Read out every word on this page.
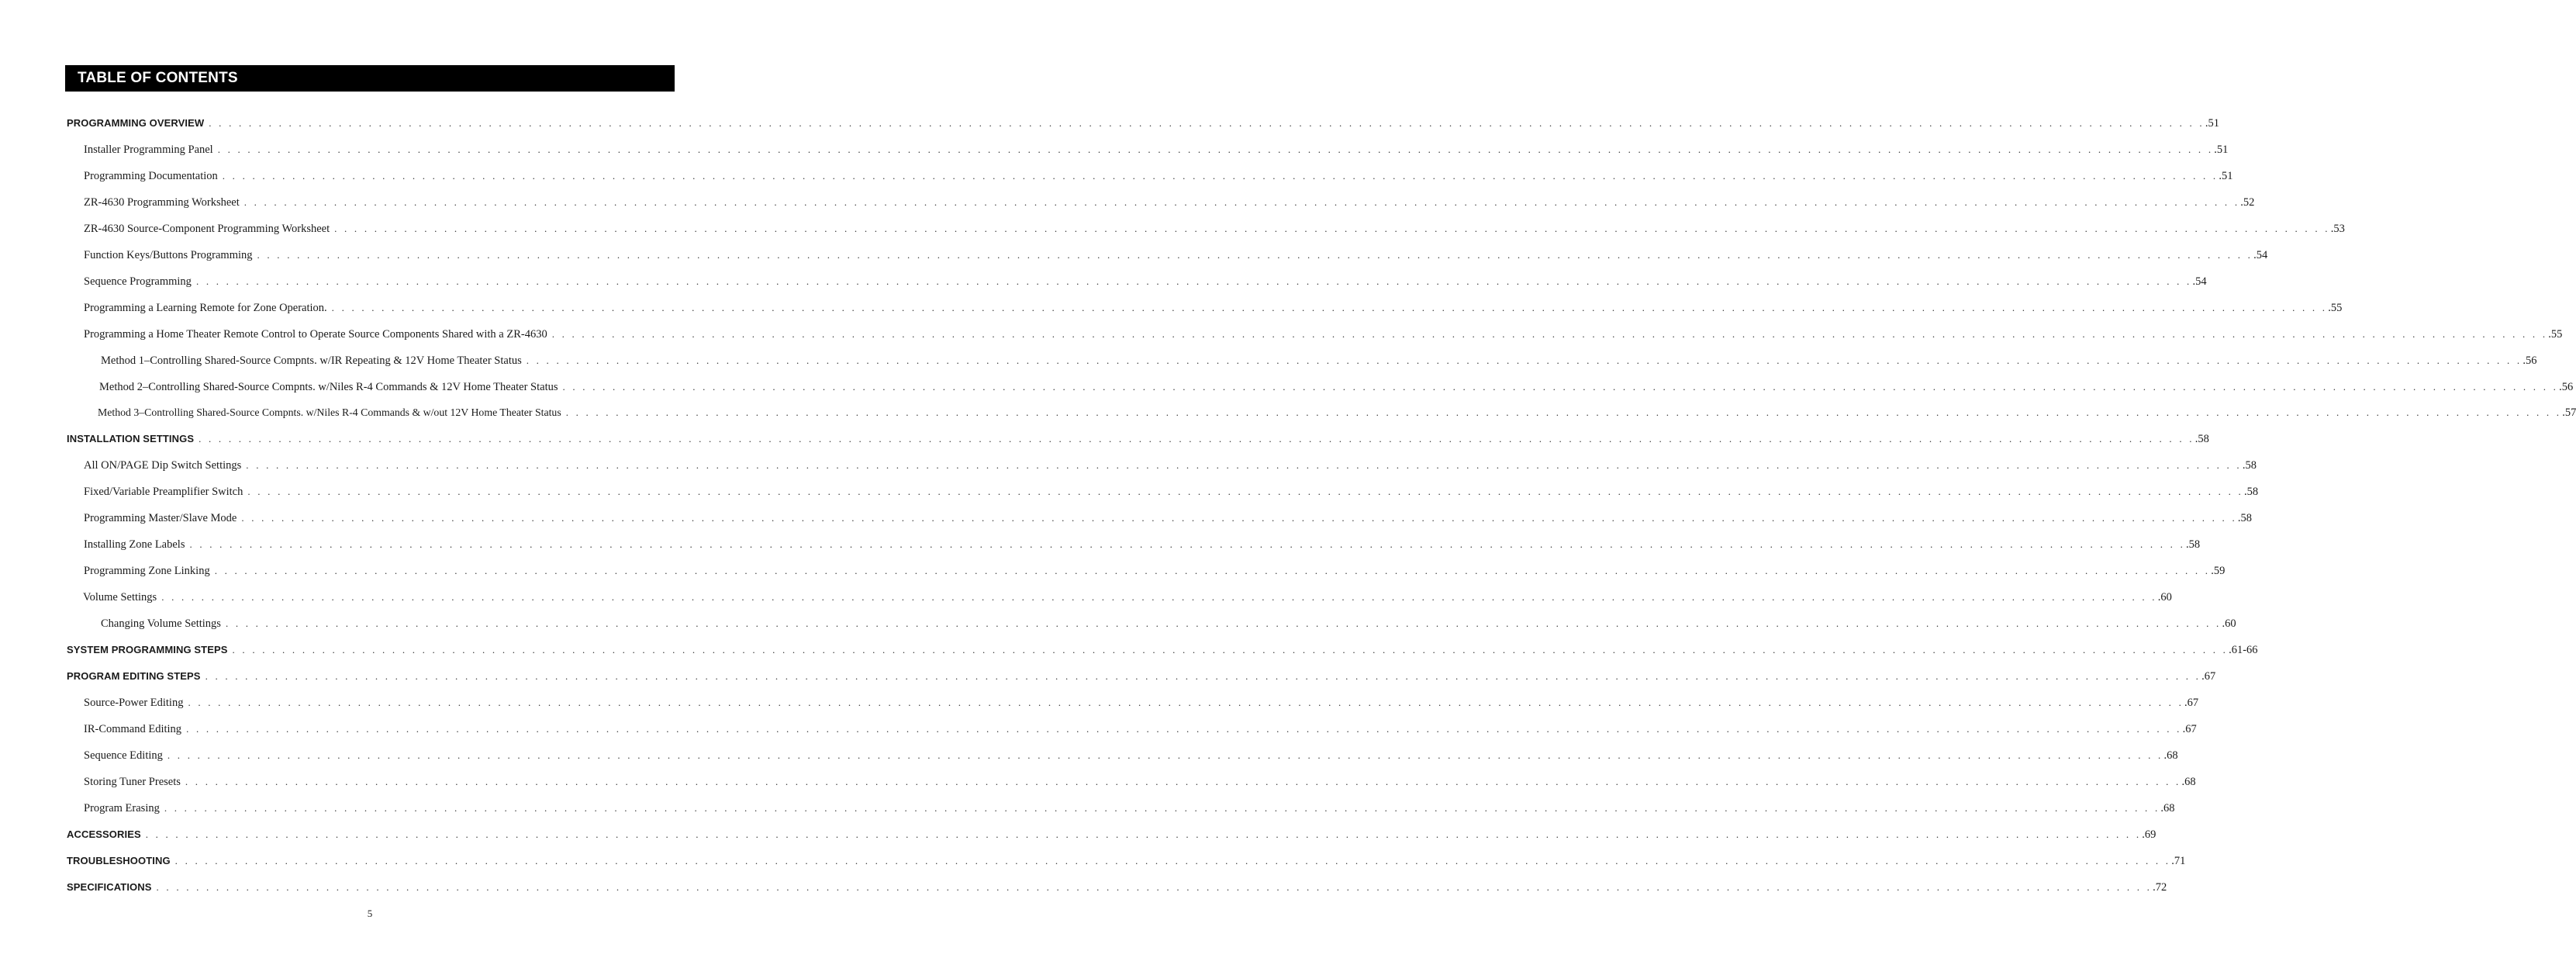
TABLE OF CONTENTS
PROGRAMMING OVERVIEW . . . . . . . . . . . . . . . . . . . . . . . . . . . . . . . . . . . . . . . . . . . . . . . . . . . . . . . . . . . . . . . . . . . . . . . . . . . . . . . . . . . . . . . . . . . . . . . . . . . . . . . . . . . . . . . . . . . . . . . . . . . . . . . . . . . . . . . . . . . . . . . . . . . . . . . . . . . . . . . . . . . . . . . . . . . . . . . . . . . . . . . . . . . . . . . . . . . . . . . . .51
Installer Programming Panel . . . . . . . . . . . . . . . . . . . . . . . . . . . . . . . . . . . . . . . . . . . . . . . . . . . . . . . . . . . . . . . . . . . . . . . . . . . . . . . . . . . . . . . . . . . . . . . . . . . . . . . . . . . . . . . . . . . . . . . . . . . . . . . . . . . . . . . . . . . . . . . . . . . . . . . . . . . . . . . . . . . . . . . . . . . . . . . . . . . . . . . . . . . . . . . . . . . . . . . . .51
Programming Documentation . . . . . . . . . . . . . . . . . . . . . . . . . . . . . . . . . . . . . . . . . . . . . . . . . . . . . . . . . . . . . . . . . . . . . . . . . . . . . . . . . . . . . . . . . . . . . . . . . . . . . . . . . . . . . . . . . . . . . . . . . . . . . . . . . . . . . . . . . . . . . . . . . . . . . . . . . . . . . . . . . . . . . . . . . . . . . . . . . . . . . . . . . . . . . . . . . . . . . . . . .51
ZR-4630 Programming Worksheet . . . . . . . . . . . . . . . . . . . . . . . . . . . . . . . . . . . . . . . . . . . . . . . . . . . . . . . . . . . . . . . . . . . . . . . . . . . . . . . . . . . . . . . . . . . . . . . . . . . . . . . . . . . . . . . . . . . . . . . . . . . . . . . . . . . . . . . . . . . . . . . . . . . . . . . . . . . . . . . . . . . . . . . . . . . . . . . . . . . . . . . . . . . . . . . . . . . . . . . . .52
ZR-4630 Source-Component Programming Worksheet . . . . . . . . . . . . . . . . . . . . . . . . . . . . . . . . . . . . . . . . . . . . . . . . . . . . . . . . . . . . . . . . . . . . . . . . . . . . . . . . . . . . . . . . . . . . . . . . . . . . . . . . . . . . . . . . . . . . . . . . . . . . . . . . . . . . . . . . . . . . . . . . . . . . . . . . . . . . . . . . . . . . . . . . . . . . . . . . . . . . . . . . . . . . . . . . . . . . . . . . .53
Function Keys/Buttons Programming . . . . . . . . . . . . . . . . . . . . . . . . . . . . . . . . . . . . . . . . . . . . . . . . . . . . . . . . . . . . . . . . . . . . . . . . . . . . . . . . . . . . . . . . . . . . . . . . . . . . . . . . . . . . . . . . . . . . . . . . . . . . . . . . . . . . . . . . . . . . . . . . . . . . . . . . . . . . . . . . . . . . . . . . . . . . . . . . . . . . . . . . . . . . . . . . . . . . . . . . .54
Sequence Programming . . . . . . . . . . . . . . . . . . . . . . . . . . . . . . . . . . . . . . . . . . . . . . . . . . . . . . . . . . . . . . . . . . . . . . . . . . . . . . . . . . . . . . . . . . . . . . . . . . . . . . . . . . . . . . . . . . . . . . . . . . . . . . . . . . . . . . . . . . . . . . . . . . . . . . . . . . . . . . . . . . . . . . . . . . . . . . . . . . . . . . . . . . . . . . . . . . . . . . . . .54
Programming a Learning Remote for Zone Operation. . . . . . . . . . . . . . . . . . . . . . . . . . . . . . . . . . . . . . . . . . . . . . . . . . . . . . . . . . . . . . . . . . . . . . . . . . . . . . . . . . . . . . . . . . . . . . . . . . . . . . . . . . . . . . . . . . . . . . . . . . . . . . . . . . . . . . . . . . . . . . . . . . . . . . . . . . . . . . . . . . . . . . . . . . . . . . . . . . . . . . . . . . . . . . . . . . . . . . . . . .55
Programming a Home Theater Remote Control to Operate Source Components Shared with a ZR-4630 . . . . . . . . . . . . . . . . . . . . . . . . . . . . . . . . . . . . . . . . . . . . . . . . . . . . . . . . . . . . . . . . . . . . . . . . . . . . . . . . . . . . . . . . . . . . . . . . . . . . . . . . . . . . . . . . . . . . . . . . . . . . . . . . . . . . . . . . . . . . . . . . . . . . . . . . . . . . . . . . . . . . . . . . . . . . . . . . . . . . . . . . . . . . . . . . . . . . . . . . .55
Method 1–Controlling Shared-Source Compnts. w/IR Repeating & 12V Home Theater Status . . . . . . . . . . . . . . . . . . . . . . . . . . . . . . . . . . . . . . . . . . . . . . . . . . . . . . . . . . . . . . . . . . . . . . . . . . . . . . . . . . . . . . . . . . . . . . . . . . . . . . . . . . . . . . . . . . . . . . . . . . . . . . . . . . . . . . . . . . . . . . . . . . . . . . . . . . . . . . . . . . . . . . . . . . . . . . . . . . . . . . . . . . . . . . . . . . . . . . . . .56
Method 2–Controlling Shared-Source Compnts. w/Niles R-4 Commands & 12V Home Theater Status . . . . . . . . . . . . . . . . . . . . . . . . . . . . . . . . . . . . . . . . . . . . . . . . . . . . . . . . . . . . . . . . . . . . . . . . . . . . . . . . . . . . . . . . . . . . . . . . . . . . . . . . . . . . . . . . . . . . . . . . . . . . . . . . . . . . . . . . . . . . . . . . . . . . . . . . . . . . . . . . . . . . . . . . . . . . . . . . . . . . . . . . . . . . . . . . . . . . . . . . .56
Method 3–Controlling Shared-Source Compnts. w/Niles R-4 Commands & w/out 12V Home Theater Status . . . . . . . . . . . . . . . . . . . . . . . . . . . . . . . . . . . . . . . . . . . . . . . . . . . . . . . . . . . . . . . . . . . . . . . . . . . . . . . . . . . . . . . . . . . . . . . . . . . . . . . . . . . . . . . . . . . . . . . . . . . . . . . . . . . . . . . . . . . . . . . . . . . . . . . . . . . . . . . . . . . . . . . . . . . . . . . . . . . . . . . . . . . . . . . . . . . . . . . . .57
INSTALLATION SETTINGS . . . . . . . . . . . . . . . . . . . . . . . . . . . . . . . . . . . . . . . . . . . . . . . . . . . . . . . . . . . . . . . . . . . . . . . . . . . . . . . . . . . . . . . . . . . . . . . . . . . . . . . . . . . . . . . . . . . . . . . . . . . . . . . . . . . . . . . . . . . . . . . . . . . . . . . . . . . . . . . . . . . . . . . . . . . . . . . . . . . . . . . . . . . . . . . . . . . . . . . . .58
All ON/PAGE Dip Switch Settings . . . . . . . . . . . . . . . . . . . . . . . . . . . . . . . . . . . . . . . . . . . . . . . . . . . . . . . . . . . . . . . . . . . . . . . . . . . . . . . . . . . . . . . . . . . . . . . . . . . . . . . . . . . . . . . . . . . . . . . . . . . . . . . . . . . . . . . . . . . . . . . . . . . . . . . . . . . . . . . . . . . . . . . . . . . . . . . . . . . . . . . . . . . . . . . . . . . . . . . . .58
Fixed/Variable Preamplifier Switch . . . . . . . . . . . . . . . . . . . . . . . . . . . . . . . . . . . . . . . . . . . . . . . . . . . . . . . . . . . . . . . . . . . . . . . . . . . . . . . . . . . . . . . . . . . . . . . . . . . . . . . . . . . . . . . . . . . . . . . . . . . . . . . . . . . . . . . . . . . . . . . . . . . . . . . . . . . . . . . . . . . . . . . . . . . . . . . . . . . . . . . . . . . . . . . . . . . . . . . . .58
Programming Master/Slave Mode . . . . . . . . . . . . . . . . . . . . . . . . . . . . . . . . . . . . . . . . . . . . . . . . . . . . . . . . . . . . . . . . . . . . . . . . . . . . . . . . . . . . . . . . . . . . . . . . . . . . . . . . . . . . . . . . . . . . . . . . . . . . . . . . . . . . . . . . . . . . . . . . . . . . . . . . . . . . . . . . . . . . . . . . . . . . . . . . . . . . . . . . . . . . . . . . . . . . . . . . .58
Installing Zone Labels . . . . . . . . . . . . . . . . . . . . . . . . . . . . . . . . . . . . . . . . . . . . . . . . . . . . . . . . . . . . . . . . . . . . . . . . . . . . . . . . . . . . . . . . . . . . . . . . . . . . . . . . . . . . . . . . . . . . . . . . . . . . . . . . . . . . . . . . . . . . . . . . . . . . . . . . . . . . . . . . . . . . . . . . . . . . . . . . . . . . . . . . . . . . . . . . . . . . . . . . .58
Programming Zone Linking . . . . . . . . . . . . . . . . . . . . . . . . . . . . . . . . . . . . . . . . . . . . . . . . . . . . . . . . . . . . . . . . . . . . . . . . . . . . . . . . . . . . . . . . . . . . . . . . . . . . . . . . . . . . . . . . . . . . . . . . . . . . . . . . . . . . . . . . . . . . . . . . . . . . . . . . . . . . . . . . . . . . . . . . . . . . . . . . . . . . . . . . . . . . . . . . . . . . . . . . .59
Volume Settings . . . . . . . . . . . . . . . . . . . . . . . . . . . . . . . . . . . . . . . . . . . . . . . . . . . . . . . . . . . . . . . . . . . . . . . . . . . . . . . . . . . . . . . . . . . . . . . . . . . . . . . . . . . . . . . . . . . . . . . . . . . . . . . . . . . . . . . . . . . . . . . . . . . . . . . . . . . . . . . . . . . . . . . . . . . . . . . . . . . . . . . . . . . . . . . . . . . . . . . . .60
Changing Volume Settings . . . . . . . . . . . . . . . . . . . . . . . . . . . . . . . . . . . . . . . . . . . . . . . . . . . . . . . . . . . . . . . . . . . . . . . . . . . . . . . . . . . . . . . . . . . . . . . . . . . . . . . . . . . . . . . . . . . . . . . . . . . . . . . . . . . . . . . . . . . . . . . . . . . . . . . . . . . . . . . . . . . . . . . . . . . . . . . . . . . . . . . . . . . . . . . . . . . . . . . . .60
SYSTEM PROGRAMMING STEPS . . . . . . . . . . . . . . . . . . . . . . . . . . . . . . . . . . . . . . . . . . . . . . . . . . . . . . . . . . . . . . . . . . . . . . . . . . . . . . . . . . . . . . . . . . . . . . . . . . . . . . . . . . . . . . . . . . . . . . . . . . . . . . . . . . . . . . . . . . . . . . . . . . . . . . . . . . . . . . . . . . . . . . . . . . . . . . . . . . . . . . . . . . . . . . . . . . . . . . . . .61-66
PROGRAM EDITING STEPS . . . . . . . . . . . . . . . . . . . . . . . . . . . . . . . . . . . . . . . . . . . . . . . . . . . . . . . . . . . . . . . . . . . . . . . . . . . . . . . . . . . . . . . . . . . . . . . . . . . . . . . . . . . . . . . . . . . . . . . . . . . . . . . . . . . . . . . . . . . . . . . . . . . . . . . . . . . . . . . . . . . . . . . . . . . . . . . . . . . . . . . . . . . . . . . . . . . . . . . . .67
Source-Power Editing . . . . . . . . . . . . . . . . . . . . . . . . . . . . . . . . . . . . . . . . . . . . . . . . . . . . . . . . . . . . . . . . . . . . . . . . . . . . . . . . . . . . . . . . . . . . . . . . . . . . . . . . . . . . . . . . . . . . . . . . . . . . . . . . . . . . . . . . . . . . . . . . . . . . . . . . . . . . . . . . . . . . . . . . . . . . . . . . . . . . . . . . . . . . . . . . . . . . . . . . .67
IR-Command Editing . . . . . . . . . . . . . . . . . . . . . . . . . . . . . . . . . . . . . . . . . . . . . . . . . . . . . . . . . . . . . . . . . . . . . . . . . . . . . . . . . . . . . . . . . . . . . . . . . . . . . . . . . . . . . . . . . . . . . . . . . . . . . . . . . . . . . . . . . . . . . . . . . . . . . . . . . . . . . . . . . . . . . . . . . . . . . . . . . . . . . . . . . . . . . . . . . . . . . . . . .67
Sequence Editing . . . . . . . . . . . . . . . . . . . . . . . . . . . . . . . . . . . . . . . . . . . . . . . . . . . . . . . . . . . . . . . . . . . . . . . . . . . . . . . . . . . . . . . . . . . . . . . . . . . . . . . . . . . . . . . . . . . . . . . . . . . . . . . . . . . . . . . . . . . . . . . . . . . . . . . . . . . . . . . . . . . . . . . . . . . . . . . . . . . . . . . . . . . . . . . . . . . . . . . . .68
Storing Tuner Presets . . . . . . . . . . . . . . . . . . . . . . . . . . . . . . . . . . . . . . . . . . . . . . . . . . . . . . . . . . . . . . . . . . . . . . . . . . . . . . . . . . . . . . . . . . . . . . . . . . . . . . . . . . . . . . . . . . . . . . . . . . . . . . . . . . . . . . . . . . . . . . . . . . . . . . . . . . . . . . . . . . . . . . . . . . . . . . . . . . . . . . . . . . . . . . . . . . . . . . . . .68
Program Erasing . . . . . . . . . . . . . . . . . . . . . . . . . . . . . . . . . . . . . . . . . . . . . . . . . . . . . . . . . . . . . . . . . . . . . . . . . . . . . . . . . . . . . . . . . . . . . . . . . . . . . . . . . . . . . . . . . . . . . . . . . . . . . . . . . . . . . . . . . . . . . . . . . . . . . . . . . . . . . . . . . . . . . . . . . . . . . . . . . . . . . . . . . . . . . . . . . . . . . . . . .68
ACCESSORIES . . . . . . . . . . . . . . . . . . . . . . . . . . . . . . . . . . . . . . . . . . . . . . . . . . . . . . . . . . . . . . . . . . . . . . . . . . . . . . . . . . . . . . . . . . . . . . . . . . . . . . . . . . . . . . . . . . . . . . . . . . . . . . . . . . . . . . . . . . . . . . . . . . . . . . . . . . . . . . . . . . . . . . . . . . . . . . . . . . . . . . . . . . . . . . . . . . . . . . . . .69
TROUBLESHOOTING . . . . . . . . . . . . . . . . . . . . . . . . . . . . . . . . . . . . . . . . . . . . . . . . . . . . . . . . . . . . . . . . . . . . . . . . . . . . . . . . . . . . . . . . . . . . . . . . . . . . . . . . . . . . . . . . . . . . . . . . . . . . . . . . . . . . . . . . . . . . . . . . . . . . . . . . . . . . . . . . . . . . . . . . . . . . . . . . . . . . . . . . . . . . . . . . . . . . . . . . .71
SPECIFICATIONS . . . . . . . . . . . . . . . . . . . . . . . . . . . . . . . . . . . . . . . . . . . . . . . . . . . . . . . . . . . . . . . . . . . . . . . . . . . . . . . . . . . . . . . . . . . . . . . . . . . . . . . . . . . . . . . . . . . . . . . . . . . . . . . . . . . . . . . . . . . . . . . . . . . . . . . . . . . . . . . . . . . . . . . . . . . . . . . . . . . . . . . . . . . . . . . . . . . . . . . . .72
5
